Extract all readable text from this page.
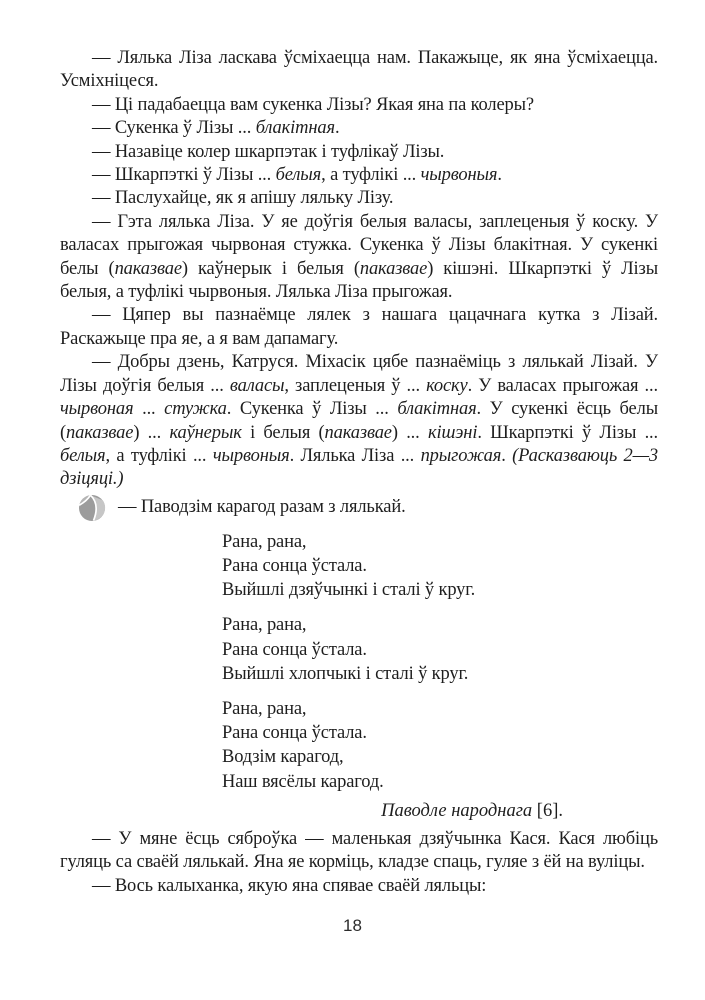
— Лялька Ліза ласкава ўсміхаецца нам. Пакажыце, як яна ўсміхаецца. Усміхніцеся.

— Ці падабаецца вам сукенка Лізы? Якая яна па колеры?

— Сукенка ў Лізы ... блакітная.

— Назавіце колер шкарпэтак і туфлікаў Лізы.

— Шкарпэткі ў Лізы ... белыя, а туфлікі ... чырвоныя.

— Паслухайце, як я апішу ляльку Лізу.

— Гэта лялька Ліза. У яе доўгія белыя валасы, заплеценыя ў коску. У валасах прыгожая чырвоная стужка. Сукенка ў Лізы блакітная. У сукенкі белы (паказвае) каўнерык і белыя (паказвае) кішэні. Шкарпэткі ў Лізы белыя, а туфлікі чырвоныя. Лялька Ліза прыгожая.

— Цяпер вы пазнаёмце лялек з нашага цацачнага кутка з Лізай. Раскажыце пра яе, а я вам дапамагу.

— Добры дзень, Катруся. Міхасік цябе пазнаёміць з лялькай Лізай. У Лізы доўгія белыя ... валасы, заплеценыя ў ... коску. У валасах прыгожая ... чырвоная ... стужка. Сукенка ў Лізы ... блакітная. У сукенкі ёсць белы (паказвае) ... каўнерык і белыя (паказвае) ... кішэні. Шкарпэткі ў Лізы ... белыя, а туфлікі ... чырвоныя. Лялька Ліза ... прыгожая. (Расказваюць 2—3 дзіцяці.)

— Паводзім карагод разам з лялькай.
Рана, рана,
Рана сонца ўстала.
Выйшлі дзяўчынкі і сталі ў круг.
Рана, рана,
Рана сонца ўстала.
Выйшлі хлопчыкі і сталі ў круг.
Рана, рана,
Рана сонца ўстала.
Водзім карагод,
Наш вясёлы карагод.
Паводле народнага [6].

— У мяне ёсць сяброўка — маленькая дзяўчынка Кася. Кася любіць гуляць са сваёй лялькай. Яна яе корміць, кладзе спаць, гуляе з ёй на вуліцы.

— Вось калыханка, якую яна спявае сваёй ляльцы:

18
